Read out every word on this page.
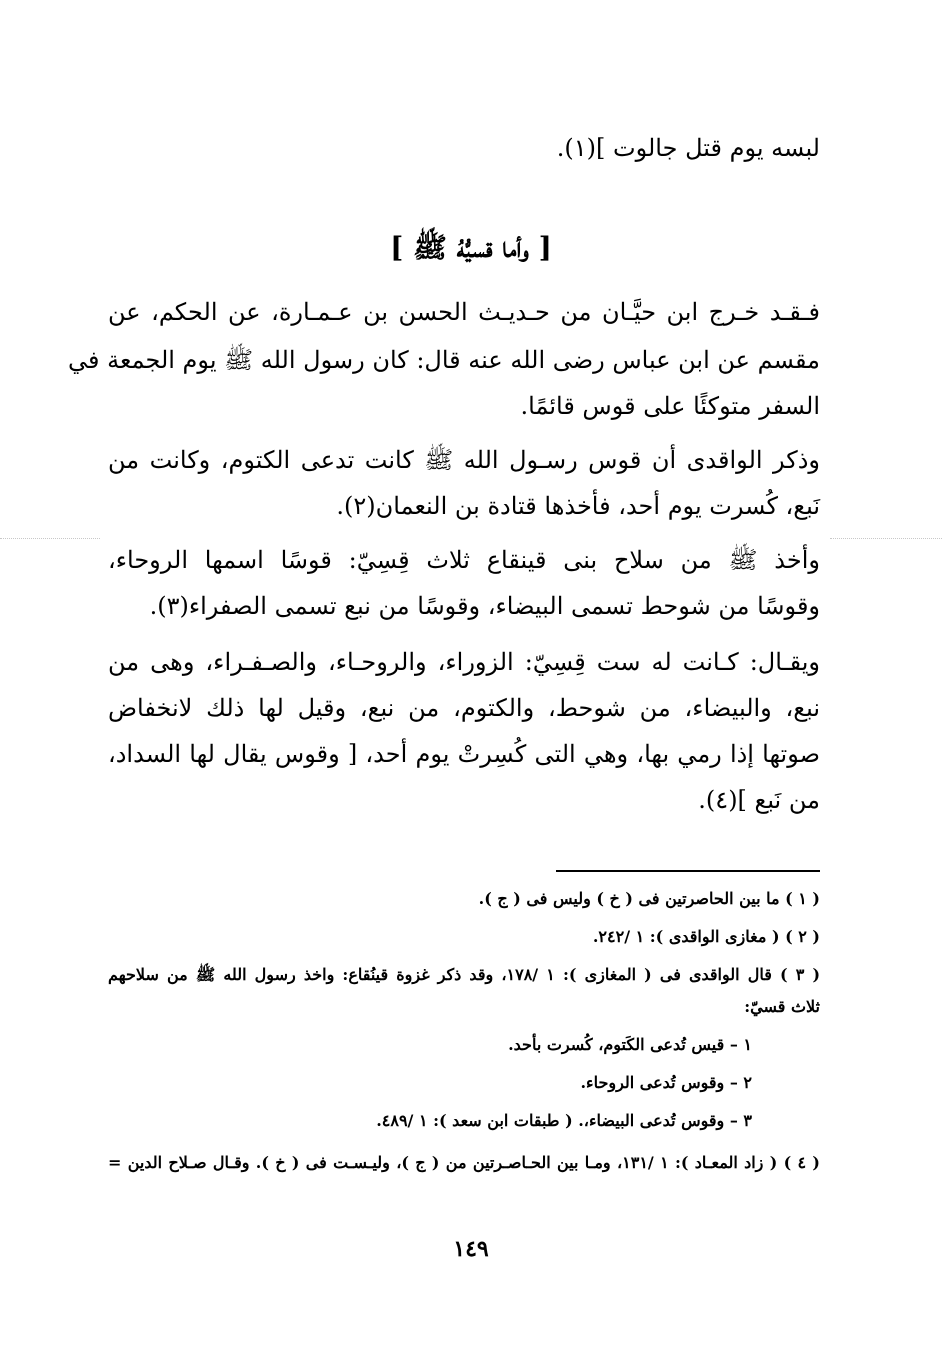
لبسه يوم قتل جالوت ](١).
[ وأما قسيُّهُ ﷺ ]
فـقـد خـرج ابن حيَّـان من حـديـث الحسن بن عـمـارة، عن الحكم، عن
مقسم عن ابن عباس رضى الله عنه قال: كان رسول الله ﷺ يوم الجمعة في
السفر متوكئًا على قوس قائمًا.
وذكر الواقدى أن قوس رسـول الله ﷺ كانت تدعى الكتوم، وكانت من
نَبع، كُسرت يوم أحد، فأخذها قتادة بن النعمان(٢).
وأخذ ﷺ من سلاح بنى قينقاع ثلاث قِسِيّ: قوسًا اسمها الروحاء،
وقوسًا من شوحط تسمى البيضاء، وقوسًا من نبع تسمى الصفراء(٣).
ويقـال: كـانت له ست قِسِيّ: الزوراء، والروحـاء، والصـفـراء، وهى من
نبع، والبيضاء، من شوحط، والكتوم، من نبع، وقيل لها ذلك لانخفاض
صوتها إذا رمي بها، وهي التى كُسِرتْ يوم أحد، [ وقوس يقال لها السداد،
من نَبع ](٤).
( ١ ) ما بين الحاصرتين فى ( خ ) وليس فى ( ج ).
( ٢ ) ( مغازى الواقدى ): ١ /٢٤٢.
( ٣ ) قال الواقدى فى ( المغازى ): ١ /١٧٨، وقد ذكر غزوة قينُقاع: واخذ رسول الله ﷺ من سلاحهم
ثلاث قسيّ:
١ – قيس تُدعى الكَتوم، كُسرت بأحد.
٢ – وقوس تُدعى الروحاء.
٣ – وقوس تُدعى البيضاء،. ( طبقات ابن سعد ): ١ /٤٨٩.
( ٤ ) ( زاد المعـاد ): ١ /١٣١، ومـا بين الحـاصـرتين من ( ج )، وليـسـت فى ( خ ). وقـال صـلاح الدين =
١٤٩
